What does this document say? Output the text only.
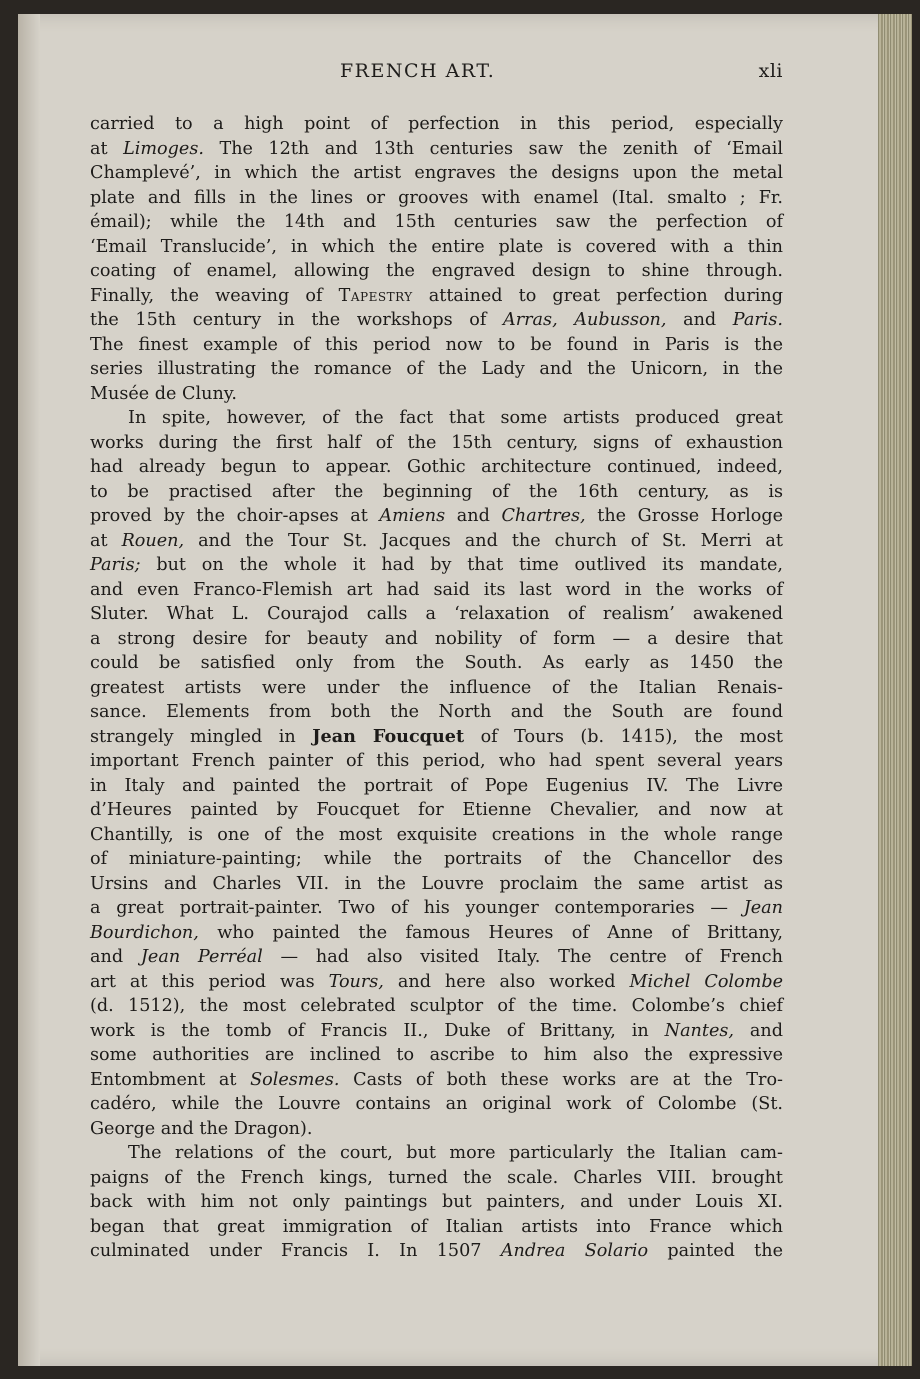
FRENCH ART.	xli
carried to a high point of perfection in this period, especially
at Limoges. The 12th and 13th centuries saw the zenith of ‘Email
Champlevé’, in which the artist engraves the designs upon the metal
plate and fills in the lines or grooves with enamel (Ital. smalto ; Fr.
émail); while the 14th and 15th centuries saw the perfection of
‘Email Translucide’, in which the entire plate is covered with a thin
coating of enamel, allowing the engraved design to shine through.
Finally, the weaving of Tapestry attained to great perfection during
the 15th century in the workshops of Arras, Aubusson, and Paris.
The finest example of this period now to be found in Paris is the
series illustrating the romance of the Lady and the Unicorn, in the
Musée de Cluny.
In spite, however, of the fact that some artists produced great
works during the first half of the 15th century, signs of exhaustion
had already begun to appear. Gothic architecture continued, indeed,
to be practised after the beginning of the 16th century, as is
proved by the choir-apses at Amiens and Chartres, the Grosse Horloge
at Rouen, and the Tour St. Jacques and the church of St. Merri at
Paris; but on the whole it had by that time outlived its mandate,
and even Franco-Flemish art had said its last word in the works of
Sluter. What L. Courajod calls a ‘relaxation of realism’ awakened
a strong desire for beauty and nobility of form — a desire that
could be satisfied only from the South. As early as 1450 the
greatest artists were under the influence of the Italian Renais-
sance. Elements from both the North and the South are found
strangely mingled in Jean Foucquet of Tours (b. 1415), the most
important French painter of this period, who had spent several years
in Italy and painted the portrait of Pope Eugenius IV. The Livre
d’Heures painted by Foucquet for Etienne Chevalier, and now at
Chantilly, is one of the most exquisite creations in the whole range
of miniature-painting; while the portraits of the Chancellor des
Ursins and Charles VII. in the Louvre proclaim the same artist as
a great portrait-painter. Two of his younger contemporaries — Jean
Bourdichon, who painted the famous Heures of Anne of Brittany,
and Jean Perréal — had also visited Italy. The centre of French
art at this period was Tours, and here also worked Michel Colombe
(d. 1512), the most celebrated sculptor of the time. Colombe’s chief
work is the tomb of Francis II., Duke of Brittany, in Nantes, and
some authorities are inclined to ascribe to him also the expressive
Entombment at Solesmes. Casts of both these works are at the Tro-
cadéro, while the Louvre contains an original work of Colombe (St.
George and the Dragon).
The relations of the court, but more particularly the Italian cam-
paigns of the French kings, turned the scale. Charles VIII. brought
back with him not only paintings but painters, and under Louis XI.
began that great immigration of Italian artists into France which
culminated under Francis I. In 1507 Andrea Solario painted the
